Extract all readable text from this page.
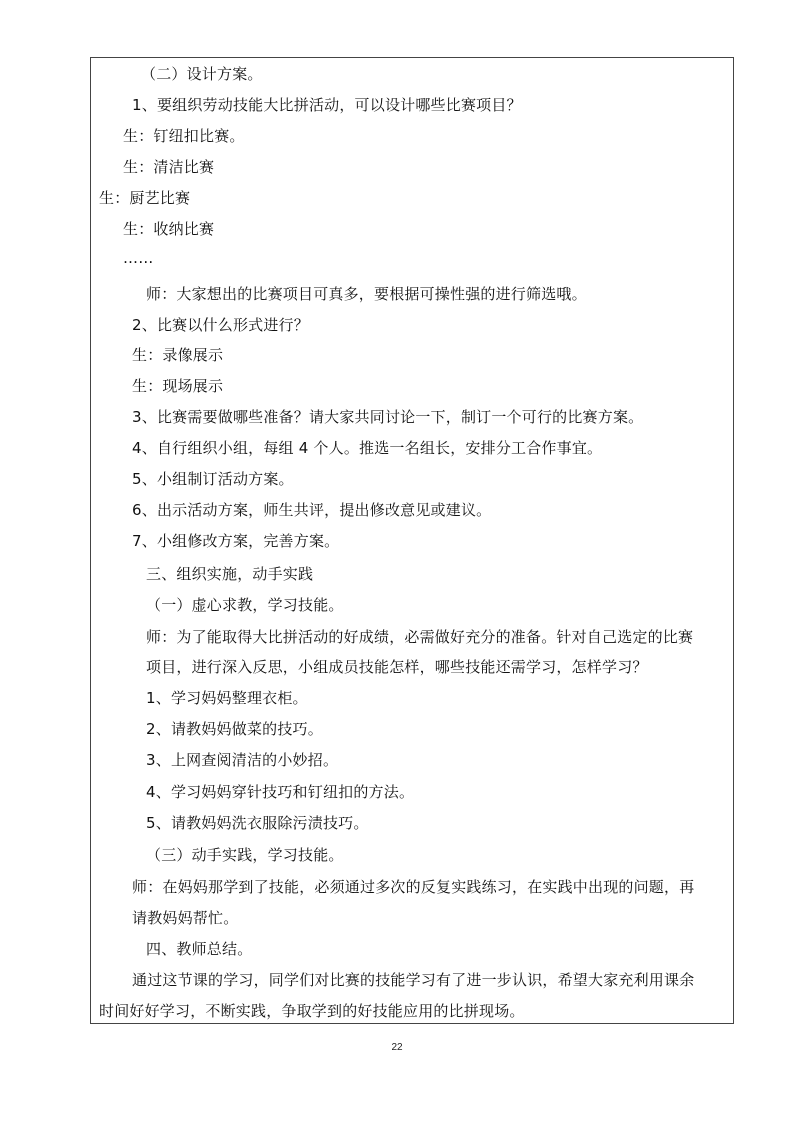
（二）设计方案。
1、要组织劳动技能大比拼活动，可以设计哪些比赛项目？
生：钉纽扣比赛。
生：清洁比赛
生：厨艺比赛
生：收纳比赛
……
师：大家想出的比赛项目可真多，要根据可操性强的进行筛选哦。
2、比赛以什么形式进行？
生：录像展示
生：现场展示
3、比赛需要做哪些准备？请大家共同讨论一下，制订一个可行的比赛方案。
4、自行组织小组，每组 4 个人。推选一名组长，安排分工合作事宜。
5、小组制订活动方案。
6、出示活动方案，师生共评，提出修改意见或建议。
7、小组修改方案，完善方案。
三、组织实施，动手实践
（一）虚心求教，学习技能。
师：为了能取得大比拼活动的好成绩，必需做好充分的准备。针对自己选定的比赛
项目，进行深入反思，小组成员技能怎样，哪些技能还需学习，怎样学习？
1、学习妈妈整理衣柜。
2、请教妈妈做菜的技巧。
3、上网查阅清洁的小妙招。
4、学习妈妈穿针技巧和钉纽扣的方法。
5、请教妈妈洗衣服除污渍技巧。
（三）动手实践，学习技能。
师：在妈妈那学到了技能，必须通过多次的反复实践练习，在实践中出现的问题，再
请教妈妈帮忙。
四、教师总结。
通过这节课的学习，同学们对比赛的技能学习有了进一步认识，希望大家充利用课余
时间好好学习，不断实践，争取学到的好技能应用的比拼现场。
22
